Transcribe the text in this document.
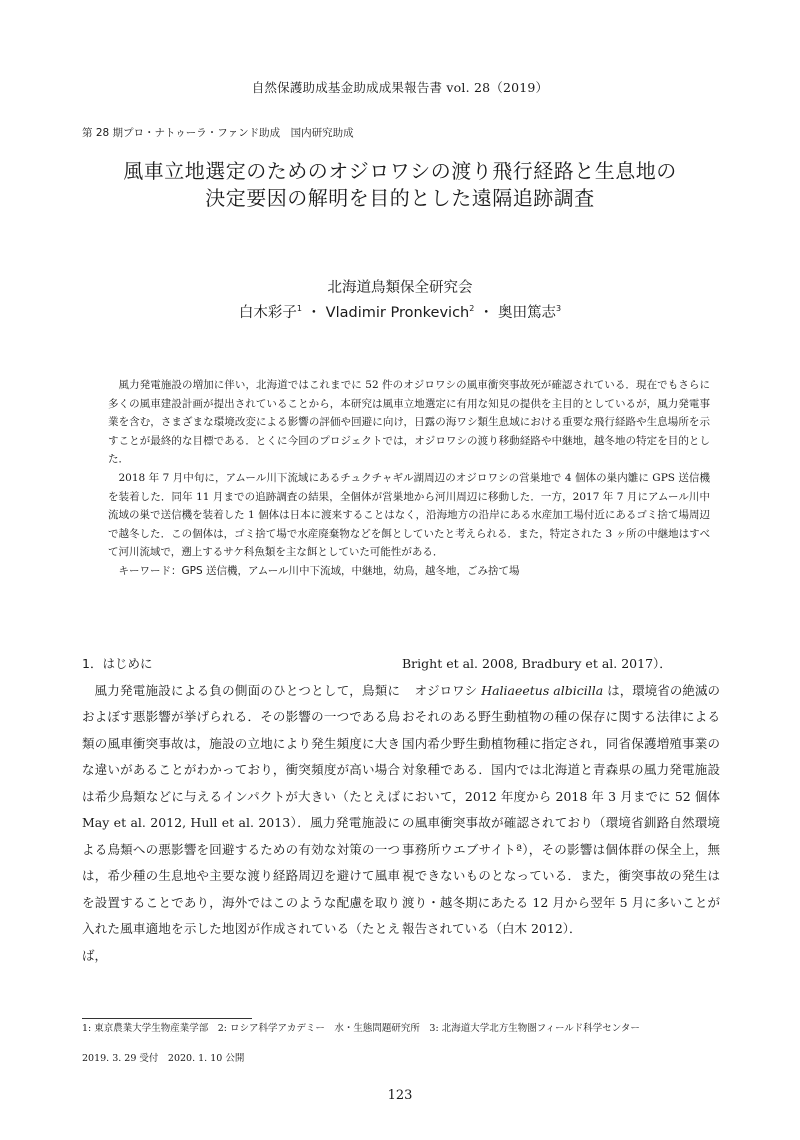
自然保護助成基金助成成果報告書 vol. 28（2019）
第 28 期プロ・ナトゥーラ・ファンド助成　国内研究助成
風車立地選定のためのオジロワシの渡り飛行経路と生息地の
決定要因の解明を目的とした遠隔追跡調査
北海道鳥類保全研究会
白木彩子$^1$ ・ Vladimir Pronkevich$^2$ ・ 奥田篤志$^3$

風力発電施設の増加に伴い，北海道ではこれまでに 52 件のオジロワシの風車衝突事故死が確認されている．現在でもさらに多くの風車建設計画が提出されていることから，本研究は風車立地選定に有用な知見の提供を主目的としているが，風力発電事業を含む，さまざまな環境改変による影響の評価や回避に向け，日露の海ワシ類生息域における重要な飛行経路や生息場所を示すことが最終的な目標である．とくに今回のプロジェクトでは，オジロワシの渡り移動経路や中継地，越冬地の特定を目的とした．

2018 年 7 月中旬に，アムール川下流域にあるチュクチャギル湖周辺のオジロワシの営巣地で 4 個体の巣内雛に GPS 送信機を装着した．同年 11 月までの追跡調査の結果，全個体が営巣地から河川周辺に移動した．一方，2017 年 7 月にアムール川中流域の巣で送信機を装着した 1 個体は日本に渡来することはなく，沿海地方の沿岸にある水産加工場付近にあるゴミ捨て場周辺で越冬した．この個体は，ゴミ捨て場で水産廃棄物などを餌としていたと考えられる．また，特定された 3 ヶ所の中継地はすべて河川流域で，遡上するサケ科魚類を主な餌としていた可能性がある．

キーワード：GPS 送信機，アムール川中下流域，中継地，幼鳥，越冬地，ごみ捨て場

1．はじめに

風力発電施設による負の側面のひとつとして，鳥類におよぼす悪影響が挙げられる．その影響の一つである鳥類の風車衝突事故は，施設の立地により発生頻度に大きな違いがあることがわかっており，衝突頻度が高い場合は希少鳥類などに与えるインパクトが大きい（たとえば May et al. 2012, Hull et al. 2013）．風力発電施設による鳥類への悪影響を回避するための有効な対策の一つは，希少種の生息地や主要な渡り経路周辺を避けて風車を設置することであり，海外ではこのような配慮を取り入れた風車適地を示した地図が作成されている（たとえば，

Bright et al. 2008, Bradbury et al. 2017）．

オジロワシ Haliaeetus albicilla は，環境省の絶滅のおそれのある野生動植物の種の保存に関する法律による国内希少野生動植物種に指定され，同省保護増殖事業の対象種である．国内では北海道と青森県の風力発電施設において，2012 年度から 2018 年 3 月までに 52 個体の風車衝突事故が確認されており（環境省釧路自然環境事務所ウエブサイトª），その影響は個体群の保全上，無視できないものとなっている．また，衝突事故の発生は渡り・越冬期にあたる 12 月から翌年 5 月に多いことが報告されている（白木 2012）．

1: 東京農業大学生物産業学部　2: ロシア科学アカデミー　水・生態問題研究所　3: 北海道大学北方生物圏フィールド科学センター
2019. 3. 29 受付　2020. 1. 10 公開
123
